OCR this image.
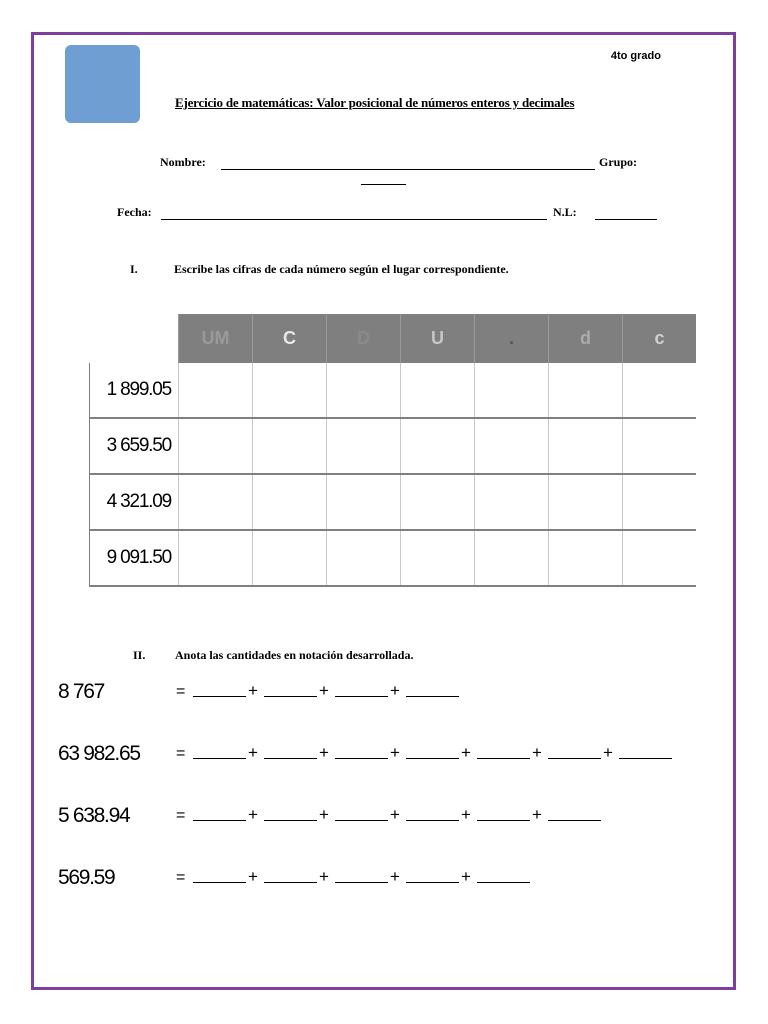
4to grado
Ejercicio de matemáticas: Valor posicional de números enteros y decimales
Nombre:	Grupo:
Fecha:	N.L:
I.	Escribe las cifras de cada número según el lugar correspondiente.
	UM	C	D	U	.	d	c
1 899.05							
3 659.50							
4 321.09							
9 091.50							
II. Anota las cantidades en notación desarrollada.
8 767	=	+	+	+
63 982.65 =	+	+	+	+	+	+
5 638.94	=	+	+	+	+	+
569.59	=	+	+	+	+
